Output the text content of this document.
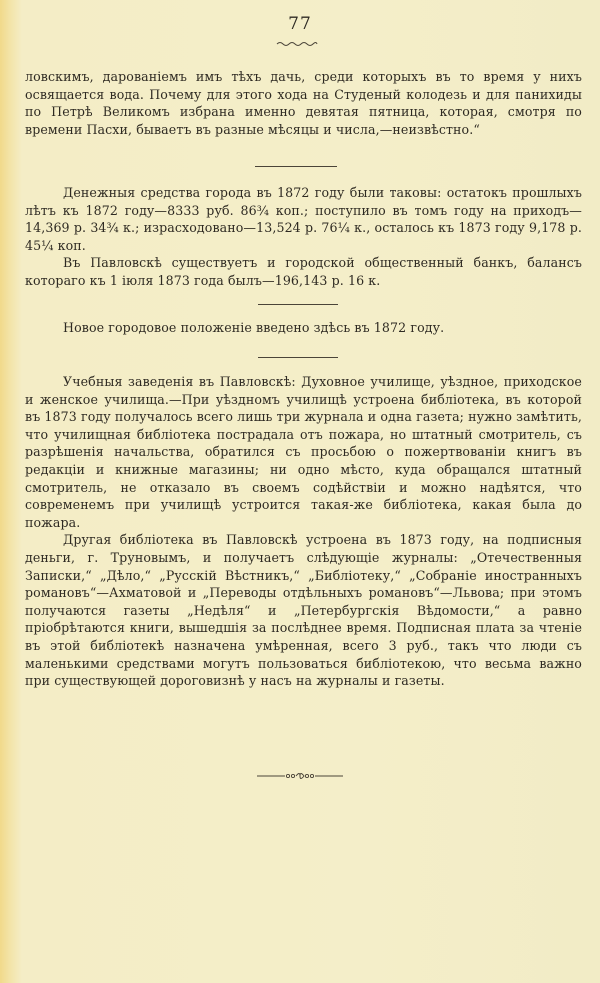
77

ловскимъ, дарованіемъ имъ тѣхъ дачь, среди которыхъ въ то время у нихъ освящается вода. Почему для этого хода на Студеный колодезь и для панихиды по Петрѣ Великомъ избрана именно девятая пятница, которая, смотря по времени Пасхи, бываетъ въ разные мѣсяцы и числа,—неизвѣстно.“

Денежныя средства города въ 1872 году были таковы: остатокъ прошлыхъ лѣтъ къ 1872 году—8333 руб. 86¾ коп.; поступило въ томъ году на приходъ—14,369 р. 34¾ к.; израсходовано—13,524 р. 76¼ к., осталось къ 1873 году 9,178 р. 45¼ коп.

Въ Павловскѣ существуетъ и городской общественный банкъ, балансъ котораго къ 1 іюля 1873 года былъ—196,143 р. 16 к.

Новое городовое положеніе введено здѣсь въ 1872 году.

Учебныя заведенія въ Павловскѣ: Духовное училище, уѣздное, приходское и женское училища.—При уѣздномъ училищѣ устроена библіотека, въ которой въ 1873 году получалось всего лишь три журнала и одна газета; нужно замѣтить, что училищная библіотека пострадала отъ пожара, но штатный смотритель, съ разрѣшенія начальства, обратился съ просьбою о пожертвованіи книгъ въ редакціи и книжные магазины; ни одно мѣсто, куда обращался штатный смотритель, не отказало въ своемъ содѣйствіи и можно надѣятся, что современемъ при училищѣ устроится такая-же библіотека, какая была до пожара.

Другая библіотека въ Павловскѣ устроена въ 1873 году, на подписныя деньги, г. Труновымъ, и получаетъ слѣдующіе журналы: „Отечественныя Записки,“ „Дѣло,“ „Русскій Вѣстникъ,“ „Библіотеку,“ „Собраніе иностранныхъ романовъ“—Ахматовой и „Переводы отдѣльныхъ романовъ“—Львова; при этомъ получаются газеты „Недѣля“ и „Петербургскія Вѣдомости,“ а равно пріобрѣтаются книги, вышедшія за послѣднее время. Подписная плата за чтеніе въ этой библіотекѣ назначена умѣренная, всего 3 руб., такъ что люди съ маленькими средствами могутъ пользоваться библіотекою, что весьма важно при существующей дороговизнѣ у насъ на журналы и газеты.
